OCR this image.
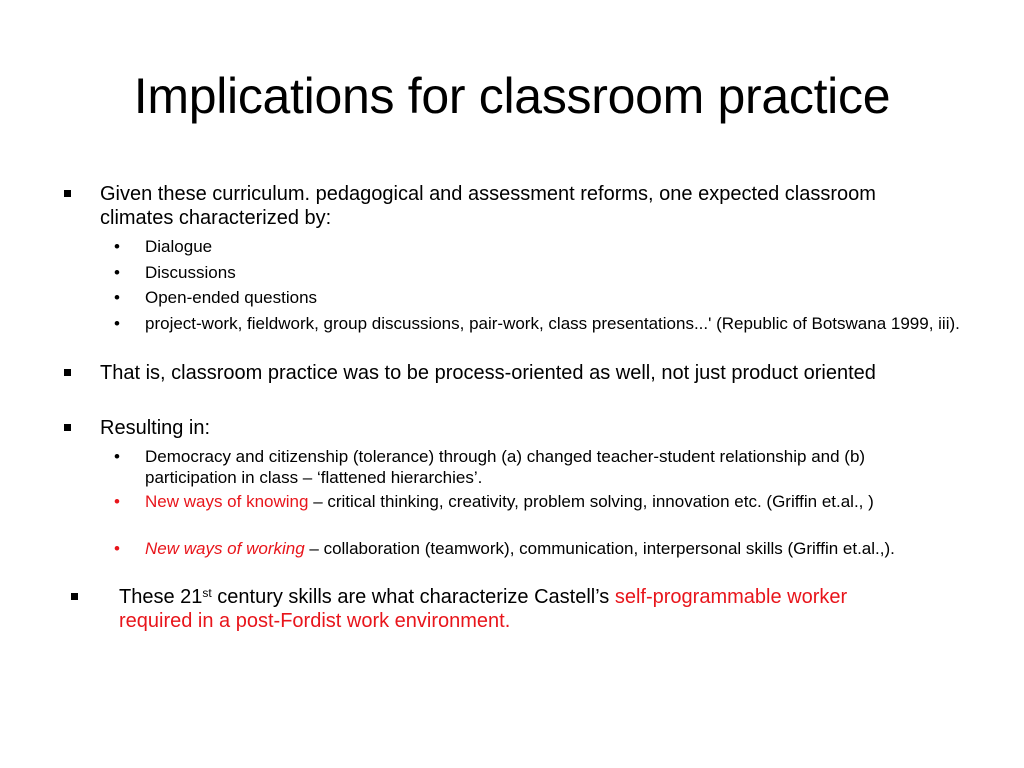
Implications for classroom practice
Given these curriculum. pedagogical and assessment reforms, one expected classroom climates characterized by:
• Dialogue
• Discussions
• Open-ended questions
• project-work, fieldwork, group discussions, pair-work, class presentations...' (Republic of Botswana 1999, iii).
That is, classroom practice was to be process-oriented as well, not just product oriented
Resulting in:
• Democracy and citizenship (tolerance) through (a) changed teacher-student relationship and (b) participation in class – ‘flattened hierarchies’.
• New ways of knowing – critical thinking, creativity, problem solving, innovation etc. (Griffin et.al., )
• New ways of working – collaboration (teamwork), communication, interpersonal skills (Griffin et.al.,).
These 21st century skills are what characterize Castell’s self-programmable worker required in a post-Fordist work environment.
